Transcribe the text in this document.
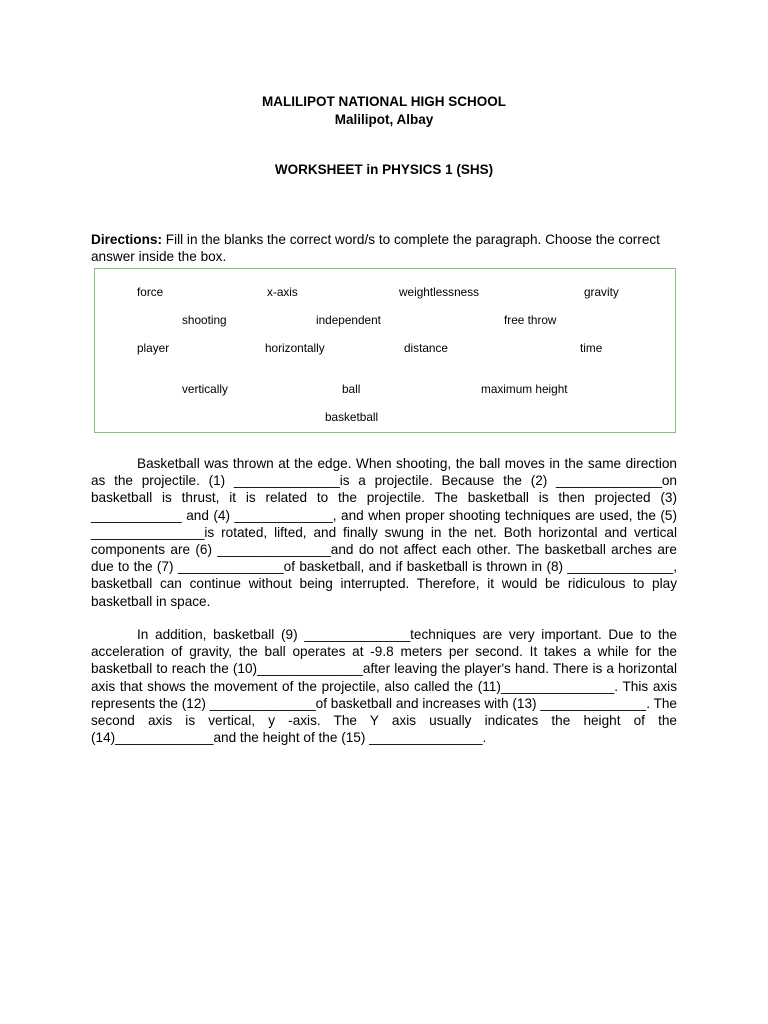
MALILIPOT NATIONAL HIGH SCHOOL
Malilipot, Albay
WORKSHEET in PHYSICS 1 (SHS)
Directions: Fill in the blanks the correct word/s to complete the paragraph. Choose the correct answer inside the box.
force	x-axis	weightlessness	gravity
shooting	independent	free throw
player	horizontally	distance	time
vertically	ball	maximum height
basketball

Basketball was thrown at the edge. When shooting, the ball moves in the same direction as the projectile. (1) ______________is a projectile. Because the (2) ______________on basketball is thrust, it is related to the projectile. The basketball is then projected (3) ____________ and (4) _____________, and when proper shooting techniques are used, the (5) _______________is rotated, lifted, and finally swung in the net. Both horizontal and vertical components are (6) _______________and do not affect each other. The basketball arches are due to the (7) ______________of basketball, and if basketball is thrown in (8) ______________, basketball can continue without being interrupted. Therefore, it would be ridiculous to play basketball in space.

In addition, basketball (9) ______________techniques are very important. Due to the acceleration of gravity, the ball operates at -9.8 meters per second. It takes a while for the basketball to reach the (10)______________after leaving the player's hand. There is a horizontal axis that shows the movement of the projectile, also called the (11)_______________. This axis represents the (12) ______________of basketball and increases with (13) ______________. The second axis is vertical, y -axis. The Y axis usually indicates the height of the (14)_____________and the height of the (15) _______________.
